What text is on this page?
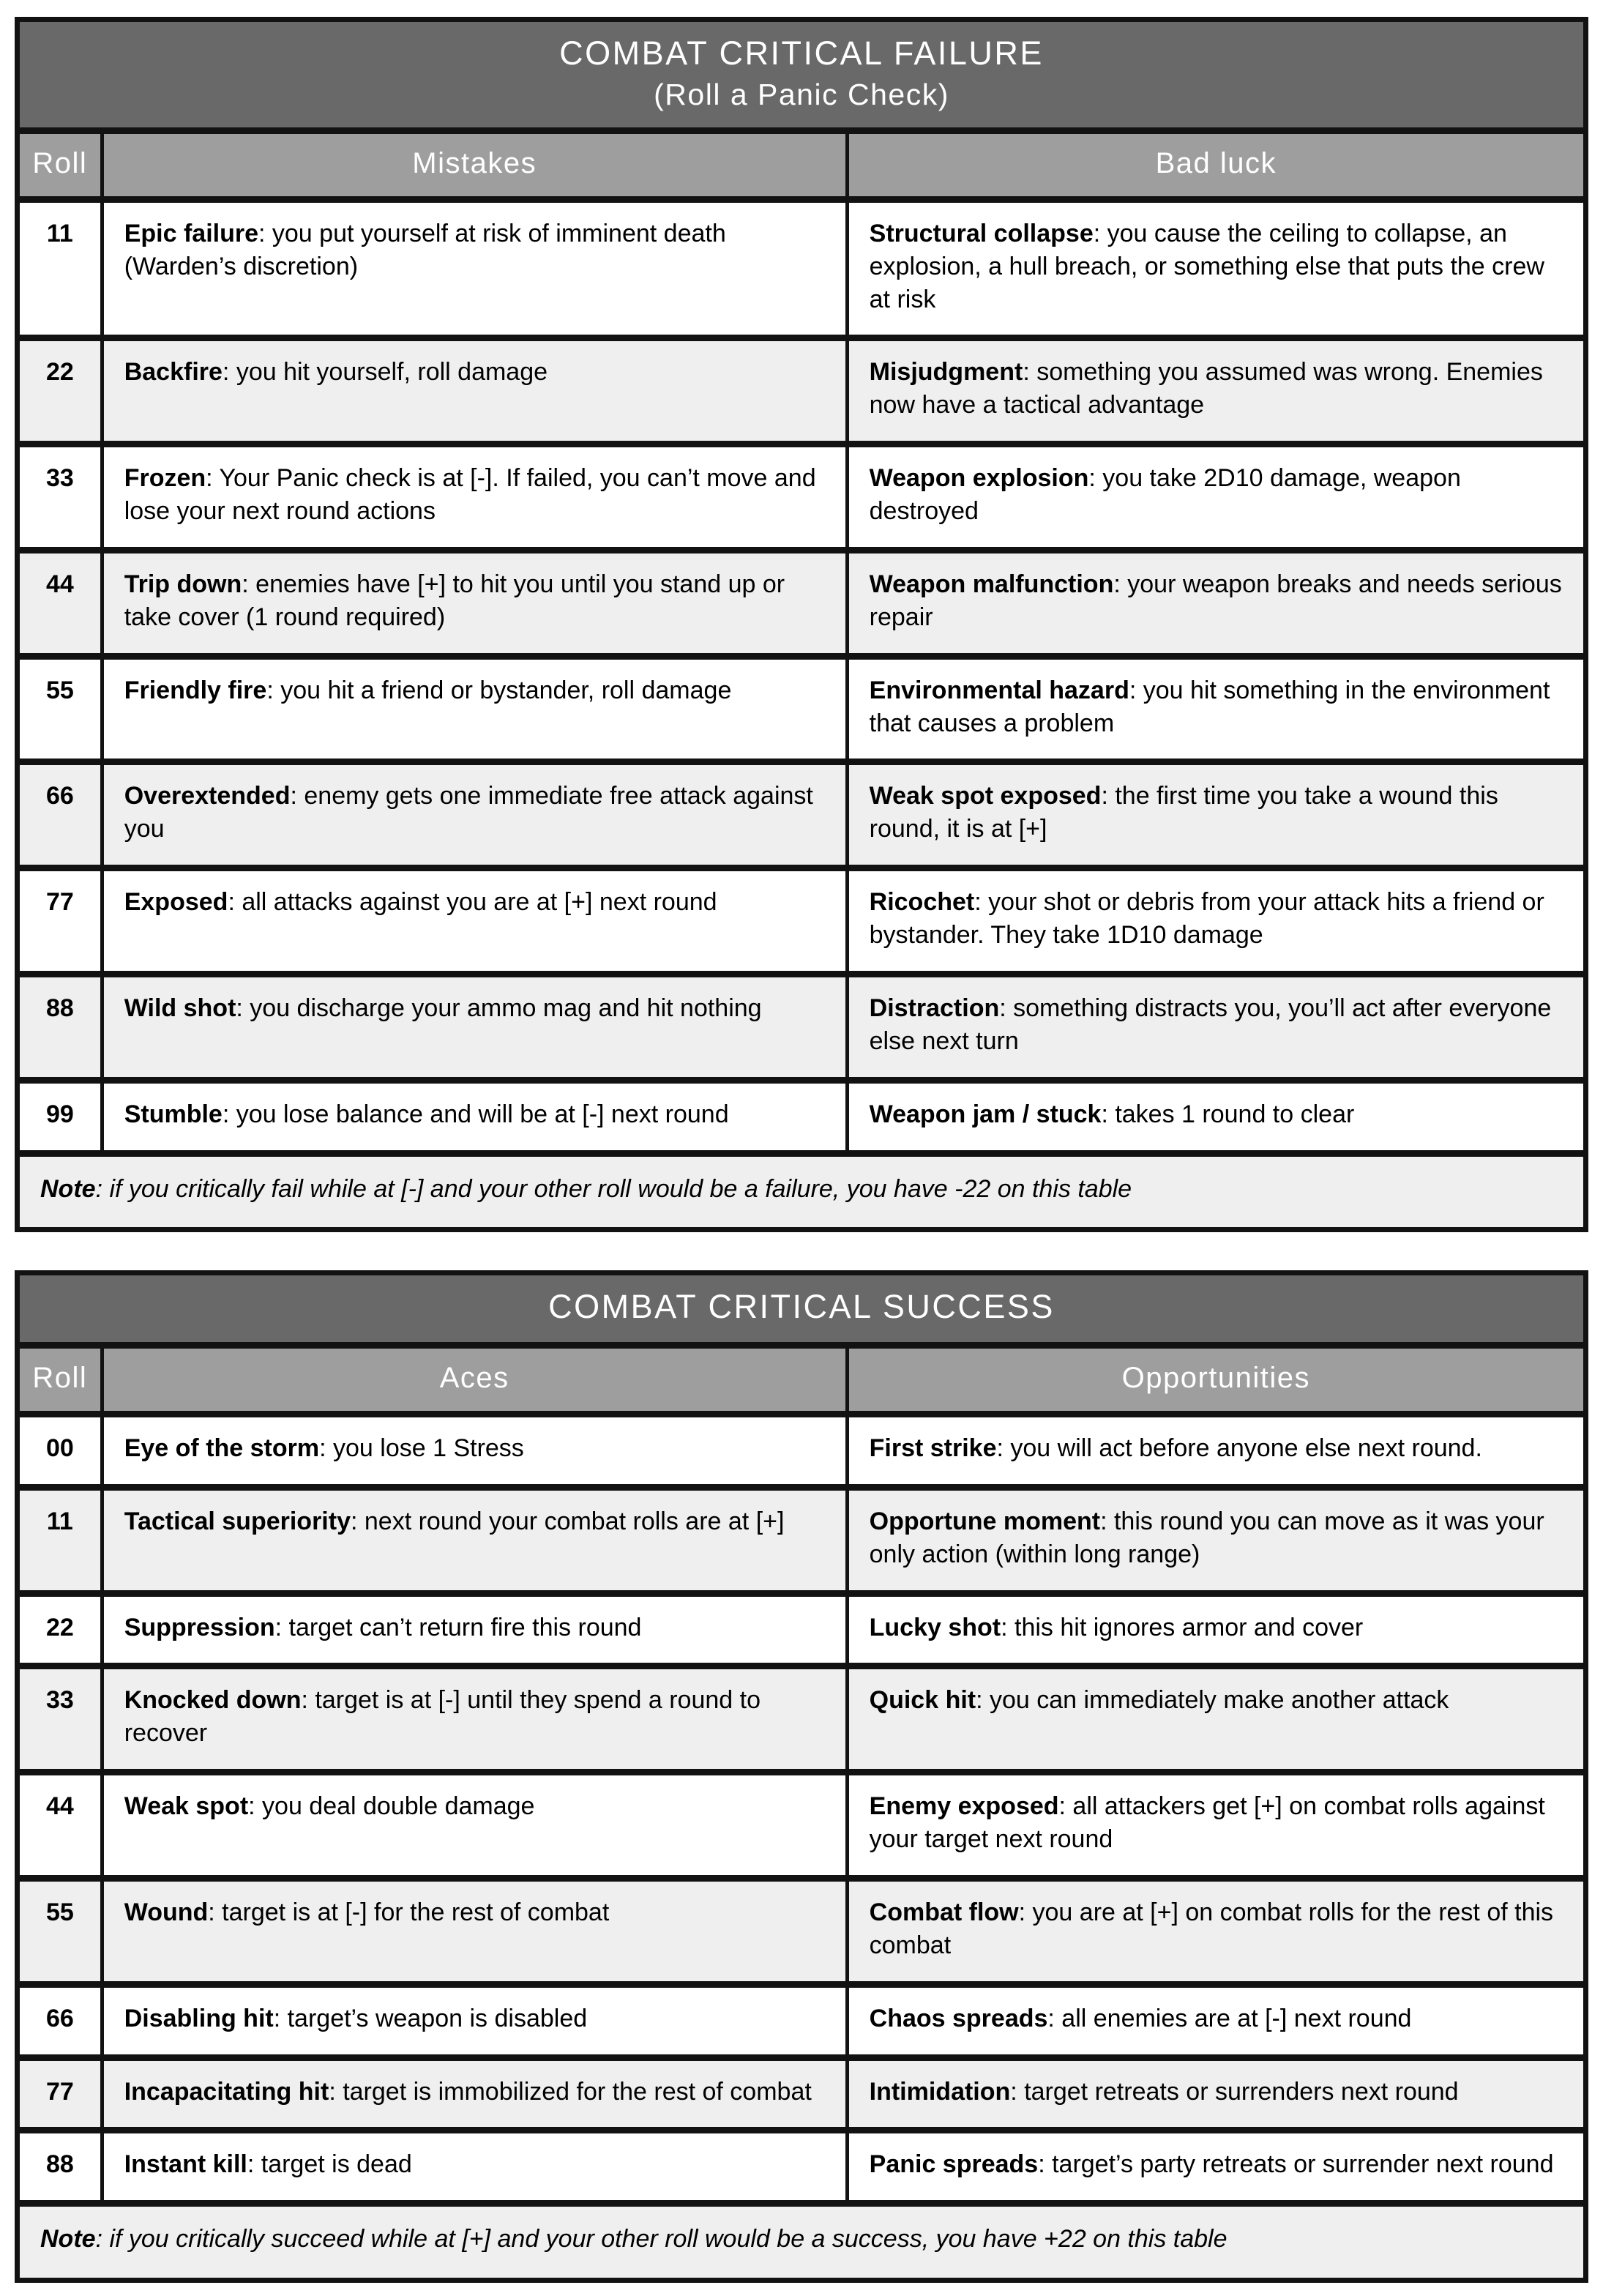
COMBAT CRITICAL FAILURE
(Roll a Panic Check)		

Roll	Mistakes	Bad luck
11	Epic failure: you put yourself at risk of imminent death (Warden’s discretion)	Structural collapse: you cause the ceiling to collapse, an explosion, a hull breach, or something else that puts the crew at risk
22	Backfire: you hit yourself, roll damage	Misjudgment: something you assumed was wrong. Enemies now have a tactical advantage
33	Frozen: Your Panic check is at [-]. If failed, you can’t move and lose your next round actions	Weapon explosion: you take 2D10 damage, weapon destroyed
44	Trip down: enemies have [+] to hit you until you stand up or take cover (1 round required)	Weapon malfunction: your weapon breaks and needs serious repair
55	Friendly fire: you hit a friend or bystander, roll damage	Environmental hazard: you hit something in the environment that causes a problem
66	Overextended: enemy gets one immediate free attack against you	Weak spot exposed: the first time you take a wound this round, it is at [+]
77	Exposed: all attacks against you are at [+] next round	Ricochet: your shot or debris from your attack hits a friend or bystander. They take 1D10 damage
88	Wild shot: you discharge your ammo mag and hit nothing	Distraction: something distracts you, you’ll act after everyone else next turn
99	Stumble: you lose balance and will be at [-] next round	Weapon jam / stuck: takes 1 round to clear
Note: if you critically fail while at [-] and your other roll would be a failure, you have -22 on this table		
COMBAT CRITICAL SUCCESS		
Roll	Aces	Opportunities
00	Eye of the storm: you lose 1 Stress	First strike: you will act before anyone else next round.
11	Tactical superiority: next round your combat rolls are at [+]	Opportune moment: this round you can move as it was your only action (within long range)
22	Suppression: target can’t return fire this round	Lucky shot: this hit ignores armor and cover
33	Knocked down: target is at [-] until they spend a round to recover	Quick hit: you can immediately make another attack
44	Weak spot: you deal double damage	Enemy exposed: all attackers get [+] on combat rolls against your target next round
55	Wound: target is at [-] for the rest of combat	Combat flow: you are at [+] on combat rolls for the rest of this combat
66	Disabling hit: target’s weapon is disabled	Chaos spreads: all enemies are at [-] next round
77	Incapacitating hit: target is immobilized for the rest of combat	Intimidation: target retreats or surrenders next round
88	Instant kill: target is dead	Panic spreads: target’s party retreats or surrender next round
Note: if you critically succeed while at [+] and your other roll would be a success, you have +22 on this table		
